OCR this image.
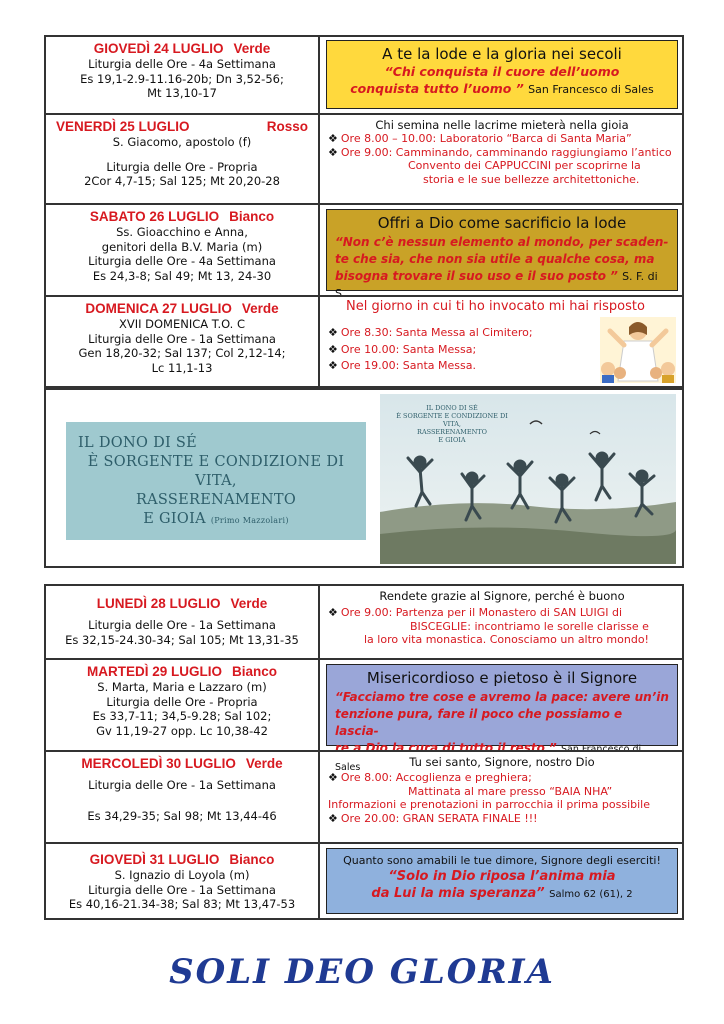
GIOVEDÌ 24 LUGLIO Verde
Liturgia delle Ore - 4a Settimana
Es 19,1-2.9-11.16-20b; Dn 3,52-56;
Mt 13,10-17
A te la lode e la gloria nei secoli
“Chi conquista il cuore dell’uomo
conquista tutto l’uomo ” San Francesco di Sales
VENERDÌ 25 LUGLIO	Rosso
S. Giacomo, apostolo (f)
Liturgia delle Ore - Propria
2Cor 4,7-15; Sal 125; Mt 20,20-28
Chi semina nelle lacrime mieterà nella gioia
❖ Ore 8.00 – 10.00: Laboratorio “Barca di Santa Maria”
❖ Ore 9.00: Camminando, camminando raggiungiamo l’antico
Convento dei CAPPUCCINI per scoprirne la
storia e le sue bellezze architettoniche.
SABATO 26 LUGLIO Bianco
Ss. Gioacchino e Anna,
genitori della B.V. Maria (m)
Liturgia delle Ore - 4a Settimana
Es 24,3-8; Sal 49; Mt 13, 24-30
Offri a Dio come sacrificio la lode
“Non c’è nessun elemento al mondo, per scaden-
te che sia, che non sia utile a qualche cosa, ma
bisogna trovare il suo uso e il suo posto ” S. F. di S.
DOMENICA 27 LUGLIO Verde
XVII DOMENICA T.O. C
Liturgia delle Ore - 1a Settimana
Gen 18,20-32; Sal 137; Col 2,12-14;
Lc 11,1-13
Nel giorno in cui ti ho invocato mi hai risposto
❖ Ore 8.30: Santa Messa al Cimitero;
❖ Ore 10.00: Santa Messa;
❖ Ore 19.00: Santa Messa.
IL DONO DI SÉ
È SORGENTE E CONDIZIONE DI VITA,
RASSERENAMENTO
E GIOIA (Primo Mazzolari)
IL DONO DI SÉ
È SORGENTE E CONDIZIONE DI VITA,
RASSERENAMENTO
E GIOIA
LUNEDÌ 28 LUGLIO Verde
Liturgia delle Ore - 1a Settimana
Es 32,15-24.30-34; Sal 105; Mt 13,31-35
Rendete grazie al Signore, perché è buono
❖ Ore 9.00: Partenza per il Monastero di SAN LUIGI di
BISCEGLIE: incontriamo le sorelle clarisse e
la loro vita monastica. Conosciamo un altro mondo!
MARTEDÌ 29 LUGLIO Bianco
S. Marta, Maria e Lazzaro (m)
Liturgia delle Ore - Propria
Es 33,7-11; 34,5-9.28; Sal 102;
Gv 11,19-27 opp. Lc 10,38-42
Misericordioso e pietoso è il Signore
“Facciamo tre cose e avremo la pace: avere un’in
tenzione pura, fare il poco che possiamo e lascia-
re a Dio la cura di tutto il resto ” San Francesco di Sales
MERCOLEDÌ 30 LUGLIO Verde
Liturgia delle Ore - 1a Settimana
Es 34,29-35; Sal 98; Mt 13,44-46
Tu sei santo, Signore, nostro Dio
❖ Ore 8.00: Accoglienza e preghiera;
Mattinata al mare presso “BAIA NHA”
Informazioni e prenotazioni in parrocchia il prima possibile
❖ Ore 20.00: GRAN SERATA FINALE !!!
GIOVEDÌ 31 LUGLIO Bianco
S. Ignazio di Loyola (m)
Liturgia delle Ore - 1a Settimana
Es 40,16-21.34-38; Sal 83; Mt 13,47-53
Quanto sono amabili le tue dimore, Signore degli eserciti!
“Solo in Dio riposa l’anima mia
da Lui la mia speranza” Salmo 62 (61), 2
SOLI DEO GLORIA
